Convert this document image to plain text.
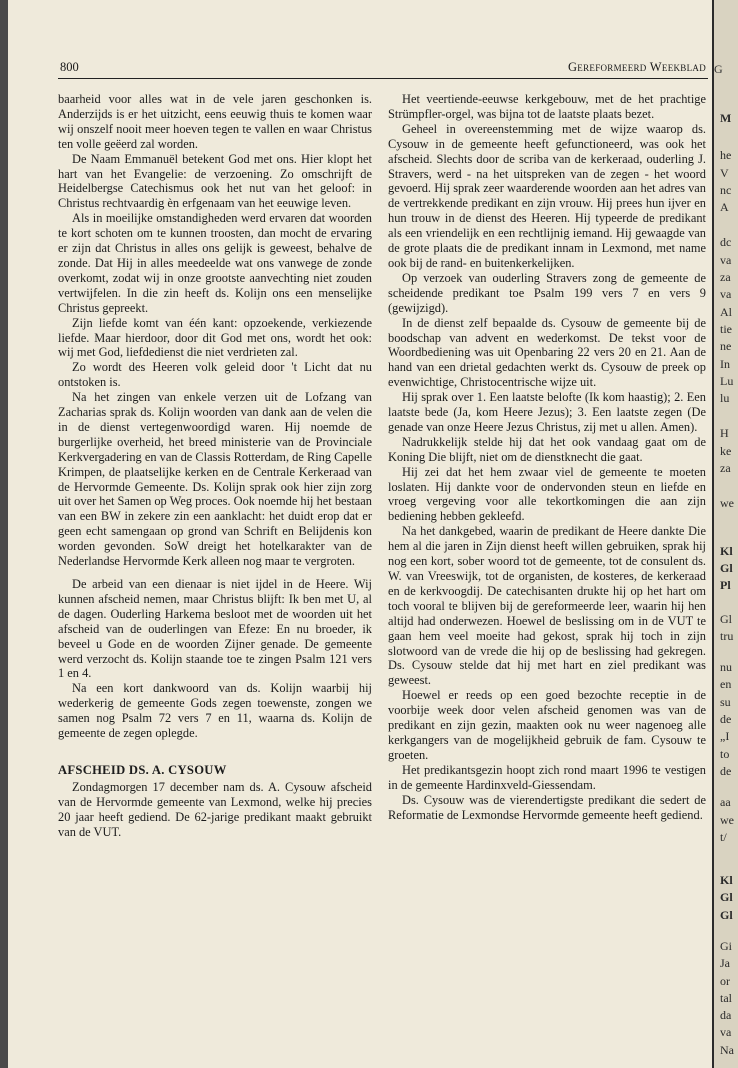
M
he
V
nc
A
dc
va
za
va
Al
tie
ne
In
Lu
lu
H
ke
za
we
Kl
Gl
Pl
Gl
tru
nu
en
su
de
„I
to
de
aa
we
t/
Kl
Gl
Gl
Gi
Ja
or
tal
da
va
Na
G
800	Gereformeerd Weekblad

baarheid voor alles wat in de vele jaren geschonken is. Anderzijds is er het uitzicht, eens eeuwig thuis te komen waar wij onszelf nooit meer hoeven tegen te vallen en waar Christus ten volle geëerd zal worden.

De Naam Emmanuël betekent God met ons. Hier klopt het hart van het Evangelie: de verzoening. Zo omschrijft de Heidelbergse Catechismus ook het nut van het geloof: in Christus rechtvaardig èn erfgenaam van het eeuwige leven.

Als in moeilijke omstandigheden werd ervaren dat woorden te kort schoten om te kunnen troosten, dan mocht de ervaring er zijn dat Christus in alles ons gelijk is geweest, behalve de zonde. Dat Hij in alles meedeelde wat ons vanwege de zonde overkomt, zodat wij in onze grootste aanvechting niet zouden vertwijfelen. In die zin heeft ds. Kolijn ons een menselijke Christus gepreekt.

Zijn liefde komt van één kant: opzoekende, verkiezende liefde. Maar hierdoor, door dit God met ons, wordt het ook: wij met God, liefdedienst die niet verdrieten zal.

Zo wordt des Heeren volk geleid door 't Licht dat nu ontstoken is.

Na het zingen van enkele verzen uit de Lofzang van Zacharias sprak ds. Kolijn woorden van dank aan de velen die in de dienst vertegenwoordigd waren. Hij noemde de burgerlijke overheid, het breed ministerie van de Provinciale Kerkvergadering en van de Classis Rotterdam, de Ring Capelle Krimpen, de plaatselijke kerken en de Centrale Kerkeraad van de Hervormde Gemeente. Ds. Kolijn sprak ook hier zijn zorg uit over het Samen op Weg proces. Ook noemde hij het bestaan van een BW in zekere zin een aanklacht: het duidt erop dat er geen echt samengaan op grond van Schrift en Belijdenis kon worden gevonden. SoW dreigt het hotelkarakter van de Nederlandse Hervormde Kerk alleen nog maar te vergroten.

De arbeid van een dienaar is niet ijdel in de Heere. Wij kunnen afscheid nemen, maar Christus blijft: Ik ben met U, al de dagen. Ouderling Harkema besloot met de woorden uit het afscheid van de ouderlingen van Efeze: En nu broeder, ik beveel u Gode en de woorden Zijner genade. De gemeente werd verzocht ds. Kolijn staande toe te zingen Psalm 121 vers 1 en 4.

Na een kort dankwoord van ds. Kolijn waarbij hij wederkerig de gemeente Gods zegen toewenste, zongen we samen nog Psalm 72 vers 7 en 11, waarna ds. Kolijn de gemeente de zegen oplegde.

AFSCHEID DS. A. CYSOUW

Zondagmorgen 17 december nam ds. A. Cysouw afscheid van de Hervormde gemeente van Lexmond, welke hij precies 20 jaar heeft gediend. De 62-jarige predikant maakt gebruikt van de VUT.

Het veertiende-eeuwse kerkgebouw, met de het prachtige Strümpfler-orgel, was bijna tot de laatste plaats bezet.

Geheel in overeenstemming met de wijze waarop ds. Cysouw in de gemeente heeft gefunctioneerd, was ook het afscheid. Slechts door de scriba van de kerkeraad, ouderling J. Stravers, werd - na het uitspreken van de zegen - het woord gevoerd. Hij sprak zeer waarderende woorden aan het adres van de vertrekkende predikant en zijn vrouw. Hij prees hun ijver en hun trouw in de dienst des Heeren. Hij typeerde de predikant als een vriendelijk en een rechtlijnig iemand. Hij gewaagde van de grote plaats die de predikant innam in Lexmond, met name ook bij de rand- en buitenkerkelijken.

Op verzoek van ouderling Stravers zong de gemeente de scheidende predikant toe Psalm 199 vers 7 en vers 9 (gewijzigd).

In de dienst zelf bepaalde ds. Cysouw de gemeente bij de boodschap van advent en wederkomst. De tekst voor de Woordbediening was uit Openbaring 22 vers 20 en 21. Aan de hand van een drietal gedachten werkt ds. Cysouw de preek op evenwichtige, Christocentrische wijze uit.

Hij sprak over 1. Een laatste belofte (Ik kom haastig); 2. Een laatste bede (Ja, kom Heere Jezus); 3. Een laatste zegen (De genade van onze Heere Jezus Christus, zij met u allen. Amen).

Nadrukkelijk stelde hij dat het ook vandaag gaat om de Koning Die blijft, niet om de dienstknecht die gaat.

Hij zei dat het hem zwaar viel de gemeente te moeten loslaten. Hij dankte voor de ondervonden steun en liefde en vroeg vergeving voor alle tekortkomingen die aan zijn bediening hebben gekleefd.

Na het dankgebed, waarin de predikant de Heere dankte Die hem al die jaren in Zijn dienst heeft willen gebruiken, sprak hij nog een kort, sober woord tot de gemeente, tot de consulent ds. W. van Vreeswijk, tot de organisten, de kosteres, de kerkeraad en de kerkvoogdij. De catechisanten drukte hij op het hart om toch vooral te blijven bij de gereformeerde leer, waarin hij hen altijd had onderwezen. Hoewel de beslissing om in de VUT te gaan hem veel moeite had gekost, sprak hij toch in zijn slotwoord van de vrede die hij op de beslissing had gekregen. Ds. Cysouw stelde dat hij met hart en ziel predikant was geweest.

Hoewel er reeds op een goed bezochte receptie in de voorbije week door velen afscheid genomen was van de predikant en zijn gezin, maakten ook nu weer nagenoeg alle kerkgangers van de mogelijkheid gebruik de fam. Cysouw te groeten.

Het predikantsgezin hoopt zich rond maart 1996 te vestigen in de gemeente Hardinxveld-Giessendam.

Ds. Cysouw was de vierendertigste predikant die sedert de Reformatie de Lexmondse Hervormde gemeente heeft gediend.
